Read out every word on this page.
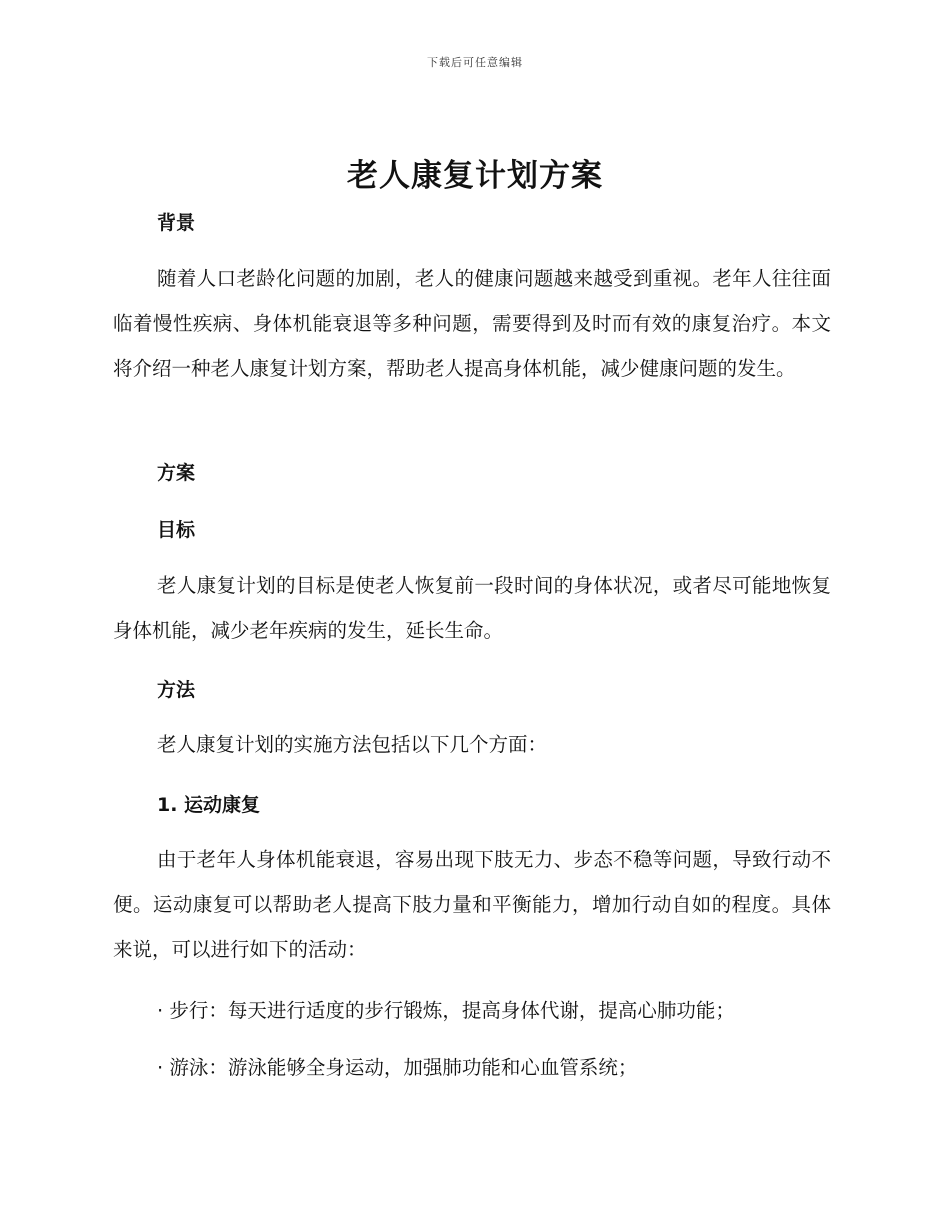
下载后可任意编辑
老人康复计划方案
背景

随着人口老龄化问题的加剧，老人的健康问题越来越受到重视。老年人往往面临着慢性疾病、身体机能衰退等多种问题，需要得到及时而有效的康复治疗。本文将介绍一种老人康复计划方案，帮助老人提高身体机能，减少健康问题的发生。

方案
目标

老人康复计划的目标是使老人恢复前一段时间的身体状况，或者尽可能地恢复身体机能，减少老年疾病的发生，延长生命。

方法

老人康复计划的实施方法包括以下几个方面：

1. 运动康复

由于老年人身体机能衰退，容易出现下肢无力、步态不稳等问题，导致行动不便。运动康复可以帮助老人提高下肢力量和平衡能力，增加行动自如的程度。具体来说，可以进行如下的活动：

· 步行：每天进行适度的步行锻炼，提高身体代谢，提高心肺功能；

· 游泳：游泳能够全身运动，加强肺功能和心血管系统；
